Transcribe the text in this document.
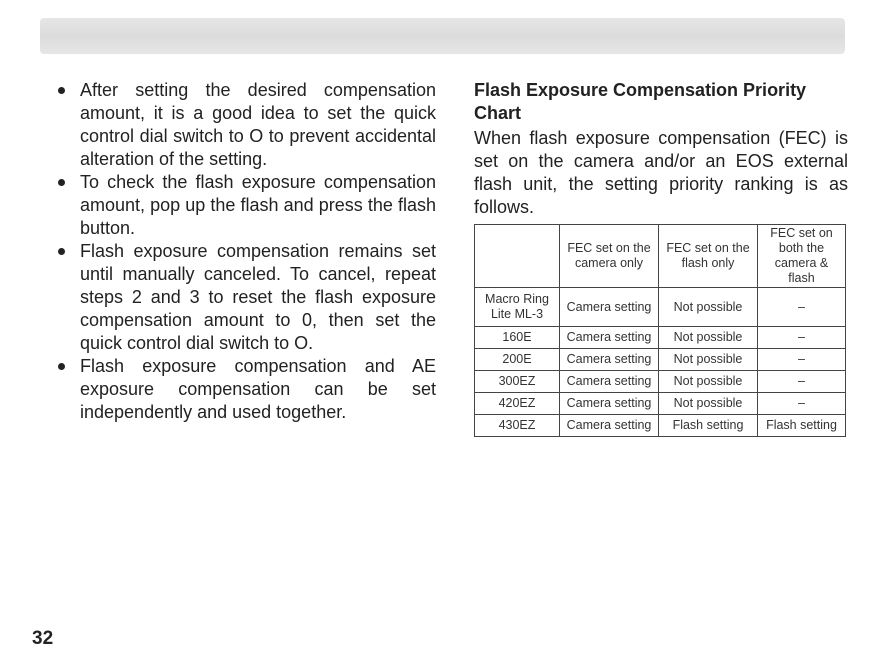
After setting the desired compensation amount, it is a good idea to set the quick control dial switch to O to prevent accidental alteration of the setting.
To check the flash exposure compensation amount, pop up the flash and press the flash button.
Flash exposure compensation remains set until manually canceled. To cancel, repeat steps 2 and 3 to reset the flash exposure compensation amount to 0, then set the quick control dial switch to O.
Flash exposure compensation and AE exposure compensation can be set independently and used together.
Flash Exposure Compensation Priority Chart

When flash exposure compensation (FEC) is set on the camera and/or an EOS external flash unit, the setting priority ranking is as follows.

	FEC set on the camera only	FEC set on the flash only	FEC set on both the camera & flash
Macro Ring Lite ML-3	Camera setting	Not possible	–
160E	Camera setting	Not possible	–
200E	Camera setting	Not possible	–
300EZ	Camera setting	Not possible	–
420EZ	Camera setting	Not possible	–
430EZ	Camera setting	Flash setting	Flash setting
32
